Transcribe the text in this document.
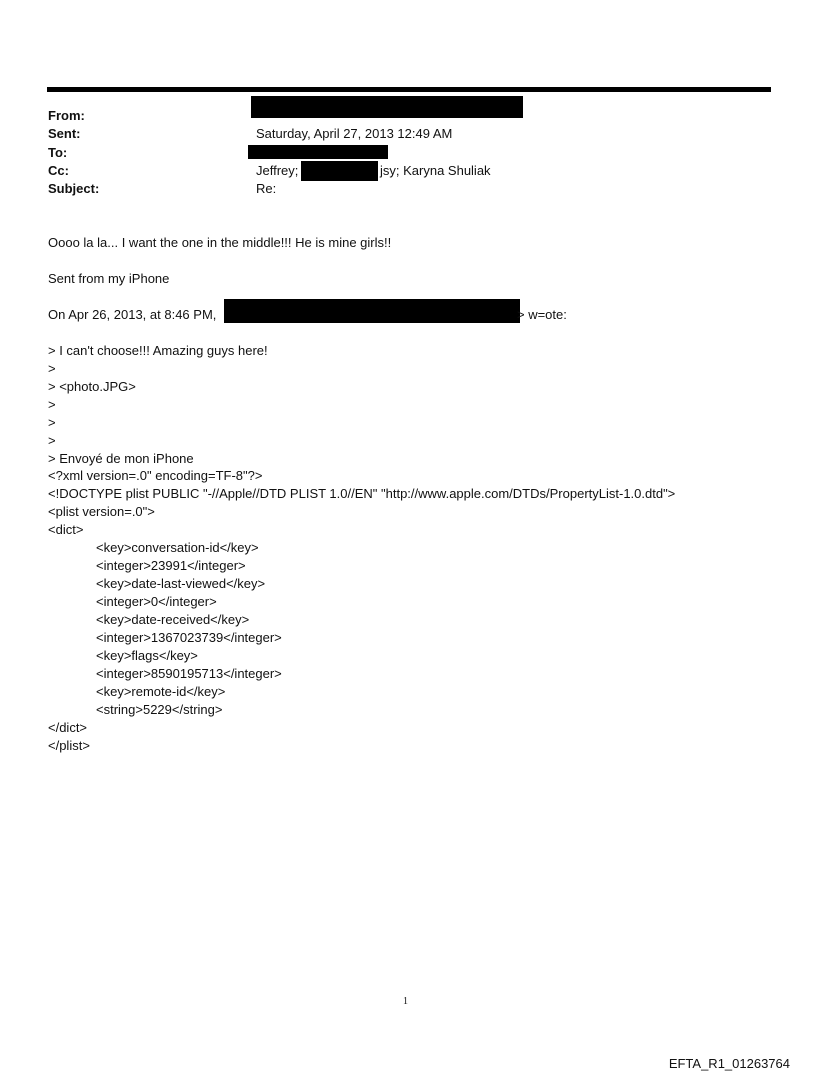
From:
Sent:
To:
Cc:
Subject:
Saturday, April 27, 2013 12:49 AM
Jeffrey;	jsy; Karyna Shuliak
Re:
Oooo la la... I want the one in the middle!!! He is mine girls!!
Sent from my iPhone
On Apr 26, 2013, at 8:46 PM,	> w=ote:
> I can't choose!!! Amazing guys here!
>
> <photo.JPG>
>
>
>
> Envoyé de mon iPhone
<?xml version=.0" encoding=TF-8"?>
<!DOCTYPE plist PUBLIC "-//Apple//DTD PLIST 1.0//EN" "http://www.apple.com/DTDs/PropertyList-1.0.dtd">
<plist version=.0">
<dict>
<key>conversation-id</key>
<integer>23991</integer>
<key>date-last-viewed</key>
<integer>0</integer>
<key>date-received</key>
<integer>1367023739</integer>
<key>flags</key>
<integer>8590195713</integer>
<key>remote-id</key>
<string>5229</string>
</dict>
</plist>
1
EFTA_R1_01263764
